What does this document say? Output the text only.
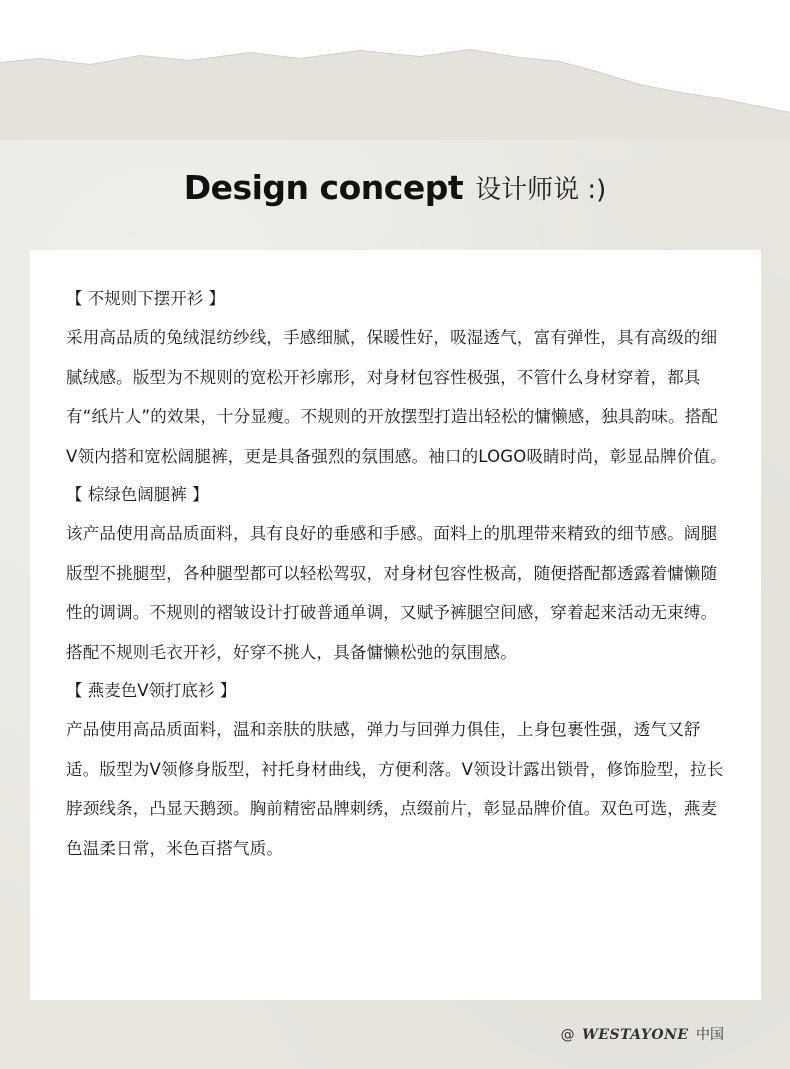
Design concept 设计师说 :)
【 不规则下摆开衫 】
采用高品质的兔绒混纺纱线，手感细腻，保暖性好，吸湿透气，富有弹性，具有高级的细腻绒感。版型为不规则的宽松开衫廓形，对身材包容性极强，不管什么身材穿着，都具有“纸片人”的效果，十分显瘦。不规则的开放摆型打造出轻松的慵懒感，独具韵味。搭配V领内搭和宽松阔腿裤，更是具备强烈的氛围感。袖口的LOGO吸睛时尚，彰显品牌价值。
【 棕绿色阔腿裤 】
该产品使用高品质面料，具有良好的垂感和手感。面料上的肌理带来精致的细节感。阔腿版型不挑腿型，各种腿型都可以轻松驾驭，对身材包容性极高，随便搭配都透露着慵懒随性的调调。不规则的褶皱设计打破普通单调，又赋予裤腿空间感，穿着起来活动无束缚。搭配不规则毛衣开衫，好穿不挑人，具备慵懒松弛的氛围感。
【 燕麦色V领打底衫 】
产品使用高品质面料，温和亲肤的肤感，弹力与回弹力俱佳，上身包裹性强，透气又舒适。版型为V领修身版型，衬托身材曲线，方便利落。V领设计露出锁骨，修饰脸型，拉长脖颈线条，凸显天鹅颈。胸前精密品牌刺绣，点缀前片，彰显品牌价值。双色可选，燕麦色温柔日常，米色百搭气质。
@ WESTAYONE 中国
